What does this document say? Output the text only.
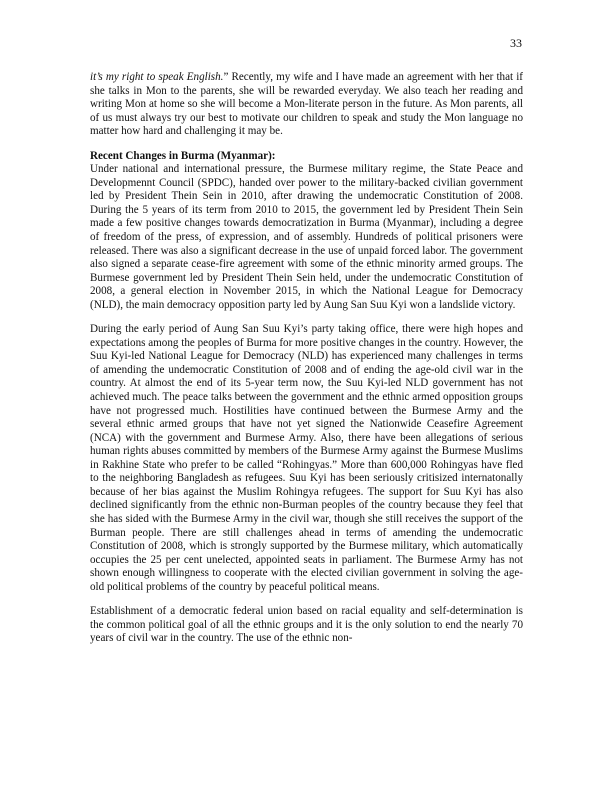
33

it’s my right to speak English.” Recently, my wife and I have made an agreement with her that if she talks in Mon to the parents, she will be rewarded everyday. We also teach her reading and writing Mon at home so she will become a Mon-literate person in the future. As Mon parents, all of us must always try our best to motivate our children to speak and study the Mon language no matter how hard and challenging it may be.

Recent Changes in Burma (Myanmar):

Under national and international pressure, the Burmese military regime, the State Peace and Developmennt Council (SPDC), handed over power to the military-backed civilian government led by President Thein Sein in 2010, after drawing the undemocratic Constitution of 2008. During the 5 years of its term from 2010 to 2015, the government led by President Thein Sein made a few positive changes towards democratization in Burma (Myanmar), including a degree of freedom of the press, of expression, and of assembly. Hundreds of political prisoners were released. There was also a significant decrease in the use of unpaid forced labor. The government also signed a separate cease-fire agreement with some of the ethnic minority armed groups. The Burmese government led by President Thein Sein held, under the undemocratic Constitution of 2008, a general election in November 2015, in which the National League for Democracy (NLD), the main democracy opposition party led by Aung San Suu Kyi won a landslide victory.

During the early period of Aung San Suu Kyi’s party taking office, there were high hopes and expectations among the peoples of Burma for more positive changes in the country. However, the Suu Kyi-led National League for Democracy (NLD) has experienced many challenges in terms of amending the undemocratic Constitution of 2008 and of ending the age-old civil war in the country. At almost the end of its 5-year term now, the Suu Kyi-led NLD government has not achieved much. The peace talks between the government and the ethnic armed opposition groups have not progressed much. Hostilities have continued between the Burmese Army and the several ethnic armed groups that have not yet signed the Nationwide Ceasefire Agreement (NCA) with the government and Burmese Army. Also, there have been allegations of serious human rights abuses committed by members of the Burmese Army against the Burmese Muslims in Rakhine State who prefer to be called “Rohingyas.” More than 600,000 Rohingyas have fled to the neighboring Bangladesh as refugees. Suu Kyi has been seriously critisized internatonally because of her bias against the Muslim Rohingya refugees. The support for Suu Kyi has also declined significantly from the ethnic non-Burman peoples of the country because they feel that she has sided with the Burmese Army in the civil war, though she still receives the support of the Burman people. There are still challenges ahead in terms of amending the undemocratic Constitution of 2008, which is strongly supported by the Burmese military, which automatically occupies the 25 per cent unelected, appointed seats in parliament. The Burmese Army has not shown enough willingness to cooperate with the elected civilian government in solving the age-old political problems of the country by peaceful political means.

Establishment of a democratic federal union based on racial equality and self-determination is the common political goal of all the ethnic groups and it is the only solution to end the nearly 70 years of civil war in the country. The use of the ethnic non-
